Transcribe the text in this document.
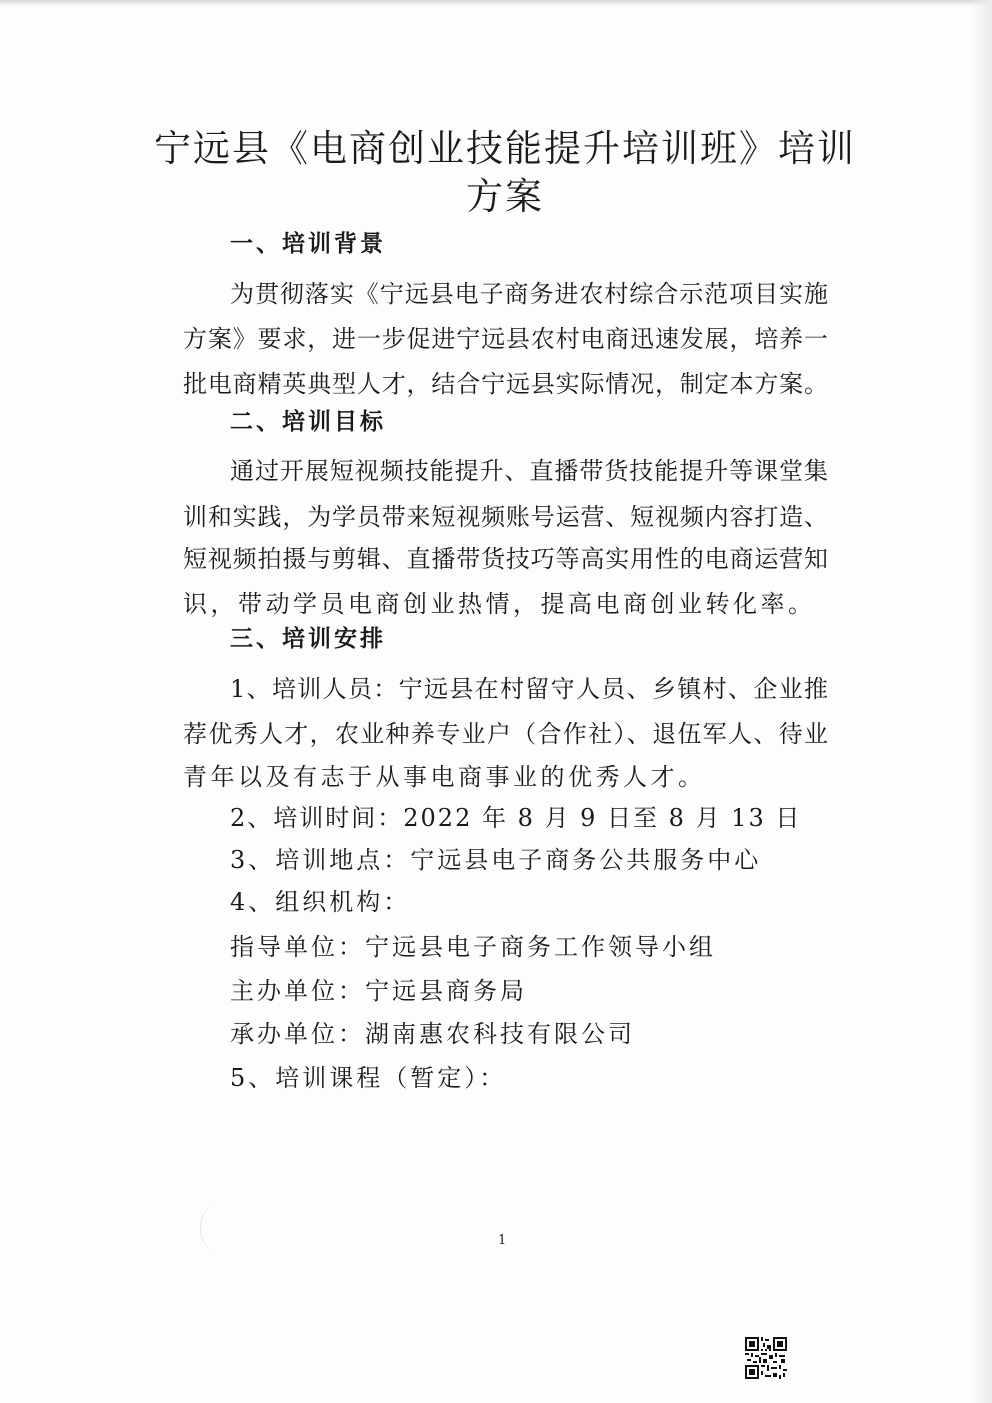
宁远县《电商创业技能提升培训班》培训
方案
一、培训背景
为贯彻落实《宁远县电子商务进农村综合示范项目实施
方案》要求，进一步促进宁远县农村电商迅速发展，培养一
批电商精英典型人才，结合宁远县实际情况，制定本方案。
二、培训目标
通过开展短视频技能提升、直播带货技能提升等课堂集
训和实践，为学员带来短视频账号运营、短视频内容打造、
短视频拍摄与剪辑、直播带货技巧等高实用性的电商运营知
识，带动学员电商创业热情，提高电商创业转化率。
三、培训安排
1、培训人员：宁远县在村留守人员、乡镇村、企业推
荐优秀人才，农业种养专业户（合作社）、退伍军人、待业
青年以及有志于从事电商事业的优秀人才。
2、培训时间：2022 年 8 月 9 日至 8 月 13 日
3、培训地点：宁远县电子商务公共服务中心
4、组织机构：
指导单位：宁远县电子商务工作领导小组
主办单位：宁远县商务局
承办单位：湖南惠农科技有限公司
5、培训课程（暂定）：
1
